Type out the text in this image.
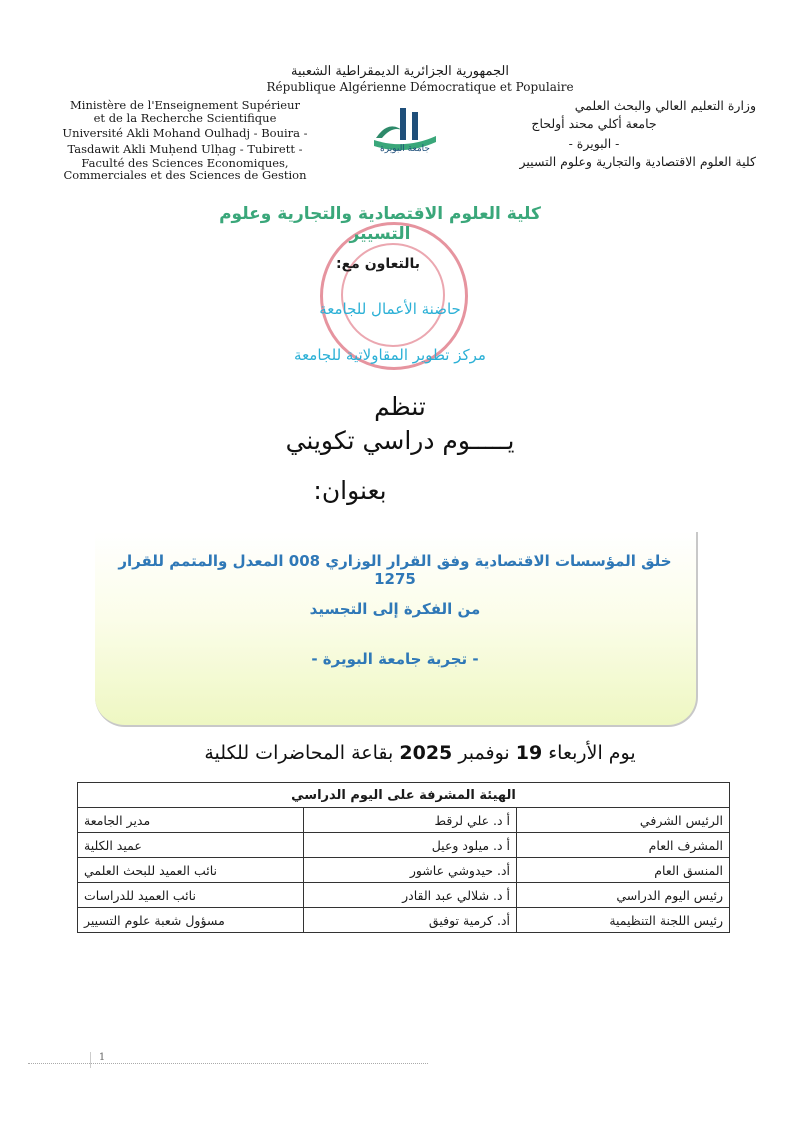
الجمهورية الجزائرية الديمقراطية الشعبية
République Algérienne Démocratique et Populaire
Ministère de l'Enseignement Supérieur
et de la Recherche Scientifique
Université Akli Mohand Oulhadj - Bouira -
Tasdawit Akli Muḥend Ulḥag - Tubirett -
Faculté des Sciences Economiques,
Commerciales et des Sciences de Gestion
وزارة التعليم العالي والبحث العلمي
جامعة أكلي محند أولحاج
- البويرة -
كلية العلوم الاقتصادية والتجارية وعلوم التسيير
جامعة البويرة
كلية العلوم الاقتصادية والتجارية وعلوم التسيير
بالتعاون مع:
حاضنة الأعمال للجامعة
مركز تطوير المقاولاتية للجامعة
تنظم
يـــــوم دراسي تكويني
بعنوان:
خلق المؤسسات الاقتصادية وفق القرار الوزاري 008 المعدل والمتمم للقرار 1275
من الفكرة إلى التجسيد
- تجربة جامعة البويرة -
يوم الأربعاء 19 نوفمبر 2025 بقاعة المحاضرات للكلية
الهيئة المشرفة على اليوم الدراسي		
الرئيس الشرفي	أ د. علي لرقط	مدير الجامعة
المشرف العام	أ د. ميلود وعيل	عميد الكلية
المنسق العام	أد. حيدوشي عاشور	نائب العميد للبحث العلمي
رئيس اليوم الدراسي	أ د. شلالي عبد القادر	نائب العميد للدراسات
رئيس اللجنة التنظيمية	أد. كرمية توفيق	مسؤول شعبة علوم التسيير
1
